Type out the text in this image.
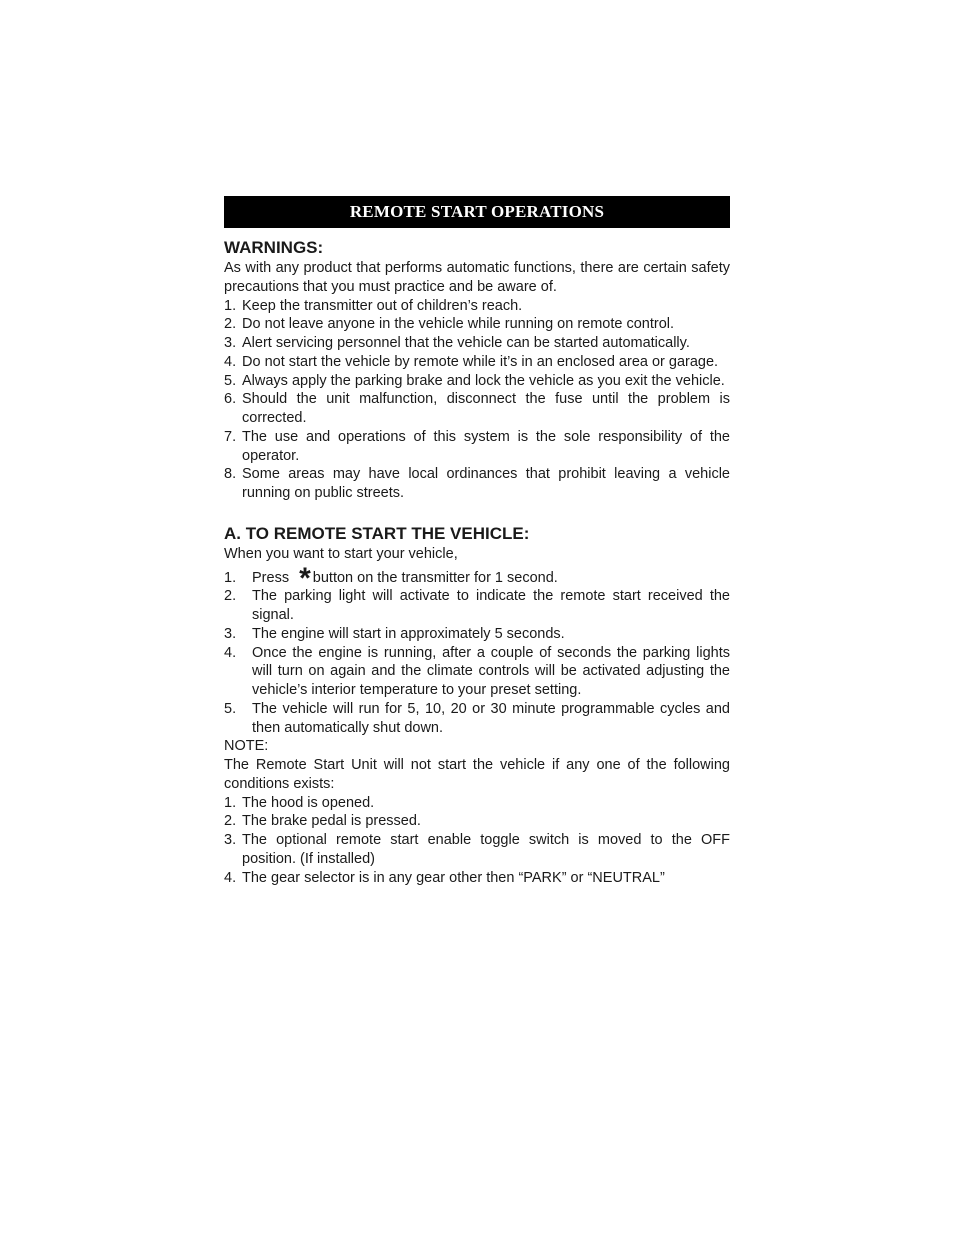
REMOTE START OPERATIONS
WARNINGS:

As with any product that performs automatic functions, there are certain safety precautions that you must practice and be aware of.

1. Keep the transmitter out of children’s reach.
2. Do not leave anyone in the vehicle while running on remote control.
3. Alert servicing personnel that the vehicle can be started automatically.
4. Do not start the vehicle by remote while it’s in an enclosed area or garage.
5. Always apply the parking brake and lock the vehicle as you exit the vehicle.
6. Should the unit malfunction, disconnect the fuse until the problem is corrected.
7. The use and operations of this system is the sole responsibility of the operator.
8. Some areas may have local ordinances that prohibit leaving a vehicle running on public streets.
A. TO REMOTE START THE VEHICLE:

When you want to start your vehicle,

1.	Press * button on the transmitter for 1 second.
2.	The parking light will activate to indicate the remote start received the signal.
3.	The engine will start in approximately 5 seconds.
4.	Once the engine is running, after a couple of seconds the parking lights will turn on again and the climate controls will be activated adjusting the vehicle’s interior temperature to your preset setting.
5.	The vehicle will run for 5, 10, 20 or 30 minute programmable cycles and then automatically shut down.

NOTE:

The Remote Start Unit will not start the vehicle if any one of the following conditions exists:

1. The hood is opened.
2. The brake pedal is pressed.
3. The optional remote start enable toggle switch is moved to the OFF position. (If installed)
4. The gear selector is in any gear other then “PARK” or “NEUTRAL”
